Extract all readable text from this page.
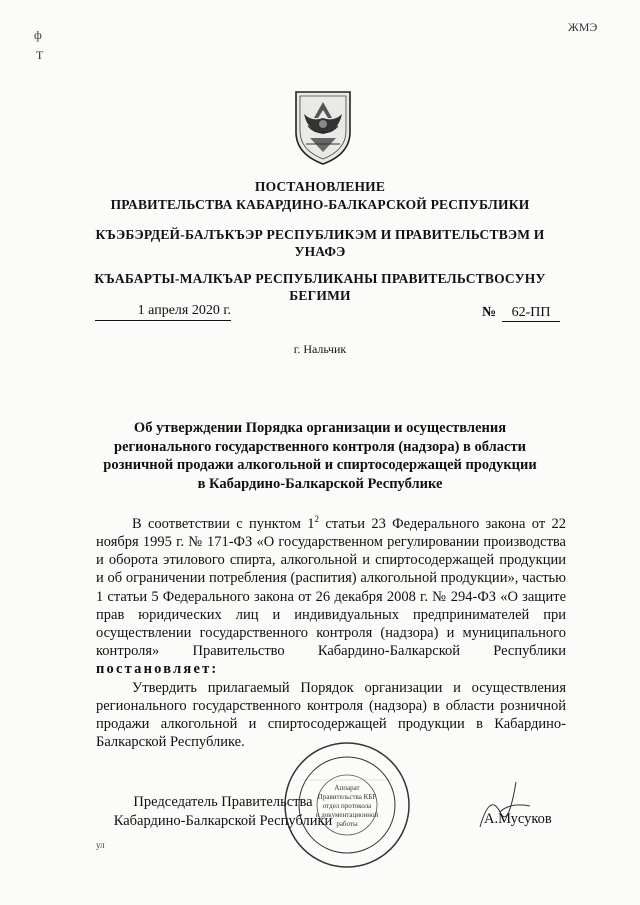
ЖМЭ
ф
Т
ул
ПОСТАНОВЛЕНИЕ
ПРАВИТЕЛЬСТВА КАБАРДИНО-БАЛКАРСКОЙ РЕСПУБЛИКИ
КЪЭБЭРДЕЙ-БАЛЪКЪЭР РЕСПУБЛИКЭМ И ПРАВИТЕЛЬСТВЭМ И
УНАФЭ
КЪАБАРТЫ-МАЛКЪАР РЕСПУБЛИКАНЫ ПРАВИТЕЛЬСТВОСУНУ
БЕГИМИ
1 апреля 2020 г.	№ 62-ПП
г. Нальчик
Об утверждении Порядка организации и осуществления
регионального государственного контроля (надзора) в области
розничной продажи алкогольной и спиртосодержащей продукции
в Кабардино-Балкарской Республике

В соответствии с пунктом $1^2$ статьи 23 Федерального закона от 22 ноября 1995 г. № 171-ФЗ «О государственном регулировании производства и оборота этилового спирта, алкогольной и спиртосодержащей продукции и об ограничении потребления (распития) алкогольной продукции», частью 1 статьи 5 Федерального закона от 26 декабря 2008 г. № 294-ФЗ «О защите прав юридических лиц и индивидуальных предпринимателей при осуществлении государственного контроля (надзора) и муниципального контроля» Правительство Кабардино-Балкарской Республики постановляет:

Утвердить прилагаемый Порядок организации и осуществления регионального государственного контроля (надзора) в области розничной продажи алкогольной и спиртосодержащей продукции в Кабардино-Балкарской Республике.

Аппарат
Правительства КБР
отдел протокола
и документационной
работы
Председатель Правительства
Кабардино-Балкарской Республики	А.Мусуков
